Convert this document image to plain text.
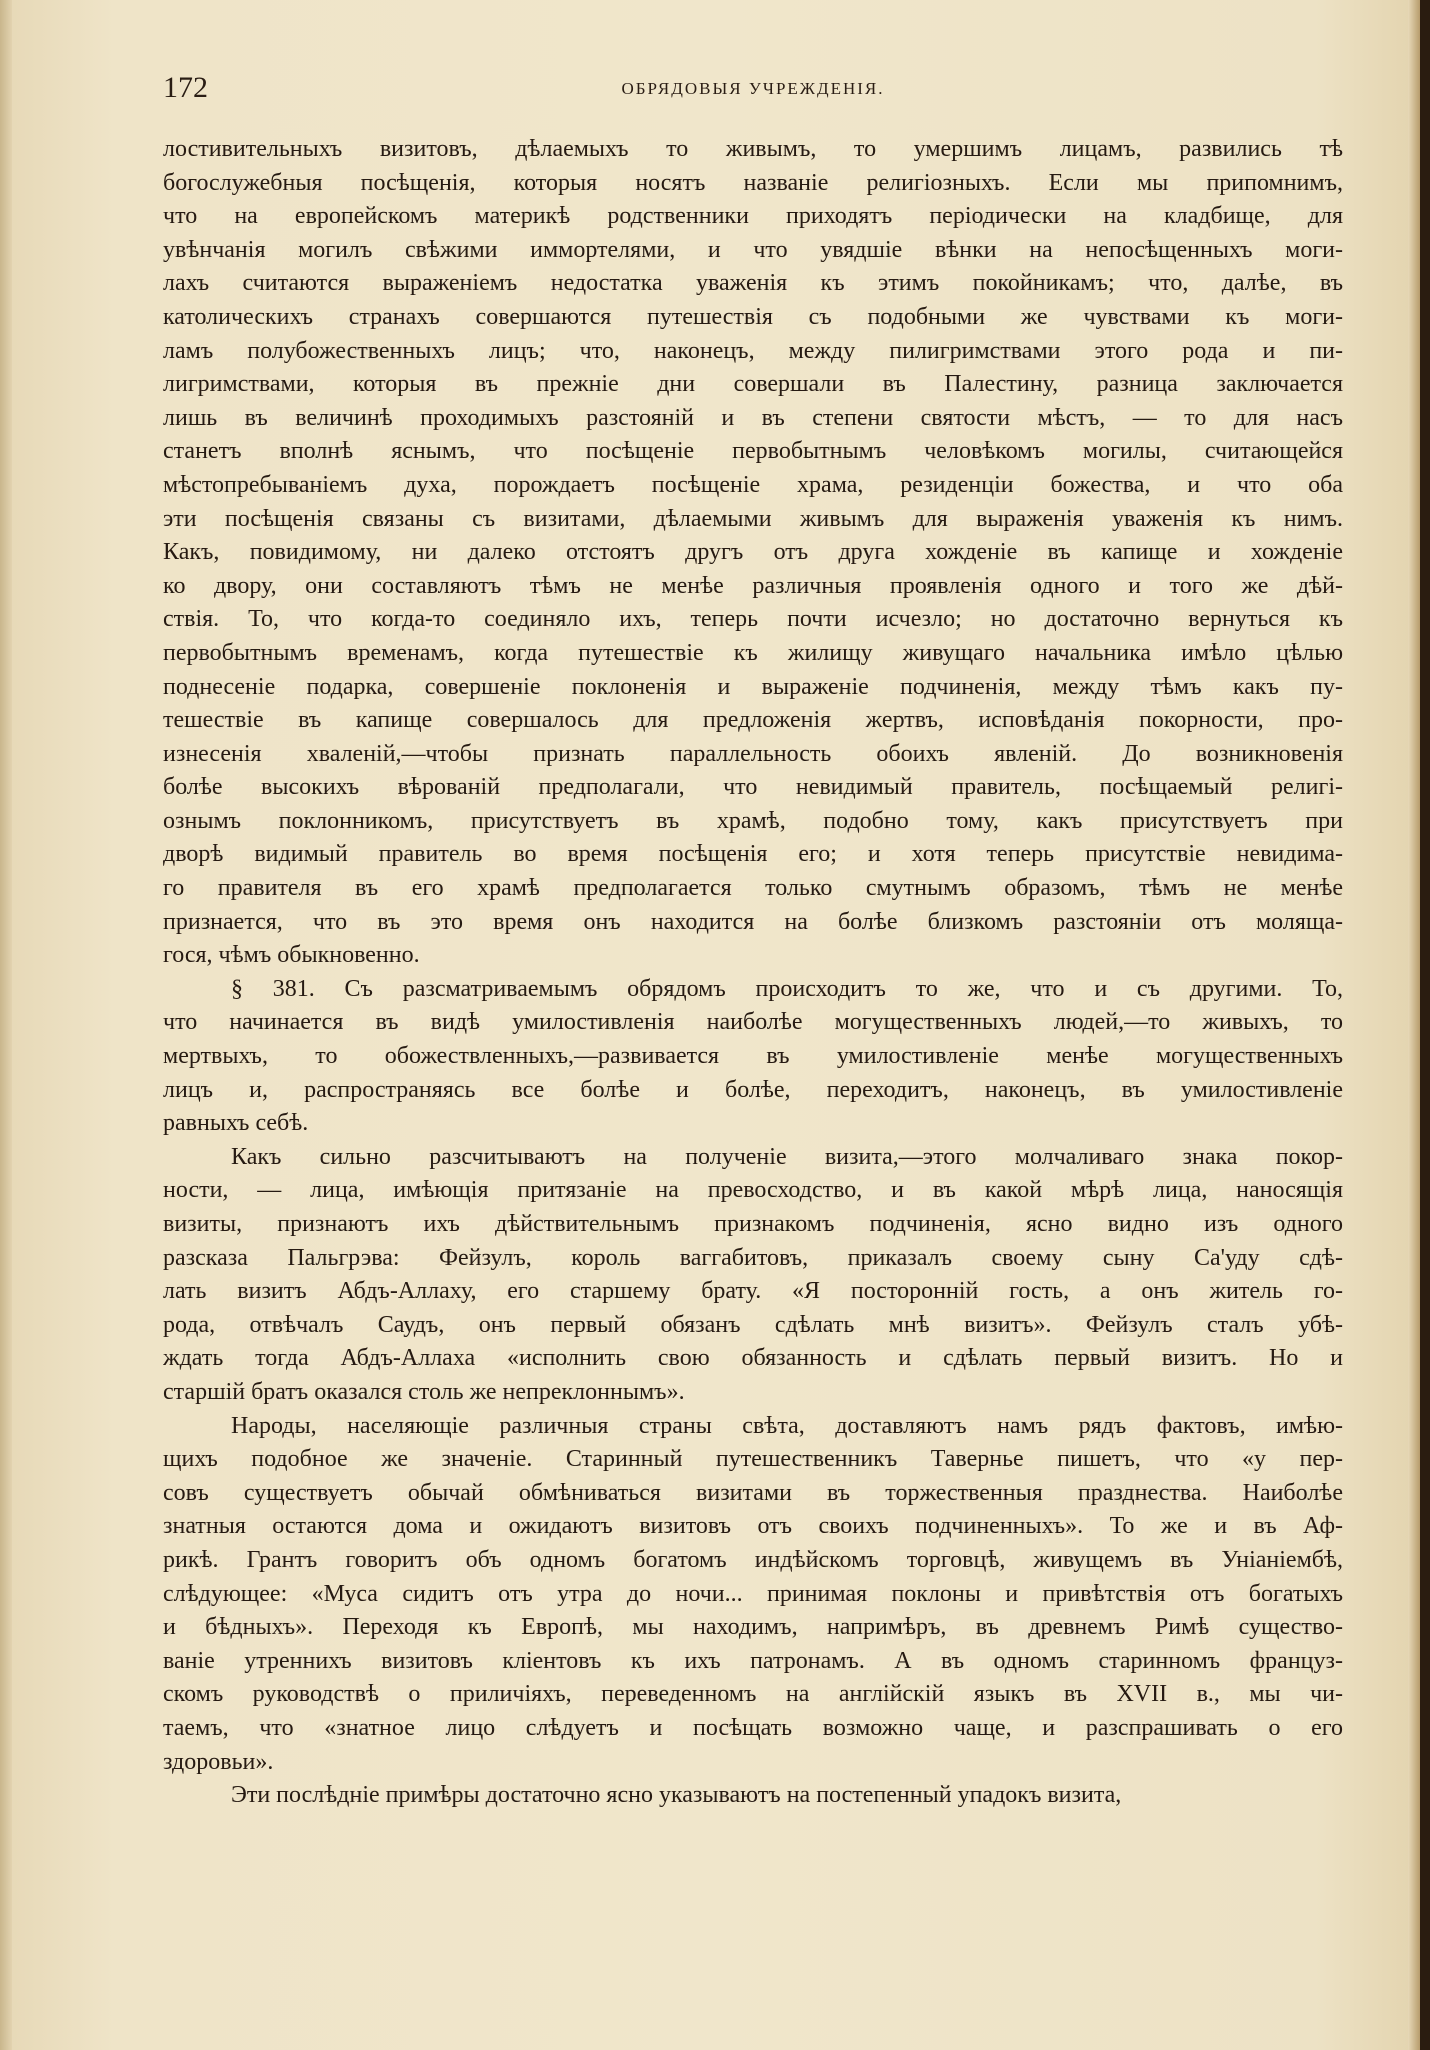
172	ОБРЯДОВЫЯ УЧРЕЖДЕНІЯ.
лостивительныхъ визитовъ, дѣлаемыхъ то живымъ, то умершимъ лицамъ, развились тѣ
богослужебныя посѣщенія, которыя носятъ названіе религіозныхъ. Если мы припомнимъ,
что на европейскомъ материкѣ родственники приходятъ періодически на кладбище, для
увѣнчанія могилъ свѣжими иммортелями, и что увядшіе вѣнки на непосѣщенныхъ моги-
лахъ считаются выраженіемъ недостатка уваженія къ этимъ покойникамъ; что, далѣе, въ
католическихъ странахъ совершаются путешествія съ подобными же чувствами къ моги-
ламъ полубожественныхъ лицъ; что, наконецъ, между пилигримствами этого рода и пи-
лигримствами, которыя въ прежніе дни совершали въ Палестину, разница заключается
лишь въ величинѣ проходимыхъ разстояній и въ степени святости мѣстъ, — то для насъ
станетъ вполнѣ яснымъ, что посѣщеніе первобытнымъ человѣкомъ могилы, считающейся
мѣстопребываніемъ духа, порождаетъ посѣщеніе храма, резиденціи божества, и что оба
эти посѣщенія связаны съ визитами, дѣлаемыми живымъ для выраженія уваженія къ нимъ.
Какъ, повидимому, ни далеко отстоятъ другъ отъ друга хожденіе въ капище и хожденіе
ко двору, они составляютъ тѣмъ не менѣе различныя проявленія одного и того же дѣй-
ствія. То, что когда-то соединяло ихъ, теперь почти исчезло; но достаточно вернуться къ
первобытнымъ временамъ, когда путешествіе къ жилищу живущаго начальника имѣло цѣлью
поднесеніе подарка, совершеніе поклоненія и выраженіе подчиненія, между тѣмъ какъ пу-
тешествіе въ капище совершалось для предложенія жертвъ, исповѣданія покорности, про-
изнесенія хваленій,—чтобы признать параллельность обоихъ явленій. До возникновенія
болѣе высокихъ вѣрованій предполагали, что невидимый правитель, посѣщаемый религі-
ознымъ поклонникомъ, присутствуетъ въ храмѣ, подобно тому, какъ присутствуетъ при
дворѣ видимый правитель во время посѣщенія его; и хотя теперь присутствіе невидима-
го правителя въ его храмѣ предполагается только смутнымъ образомъ, тѣмъ не менѣе
признается, что въ это время онъ находится на болѣе близкомъ разстояніи отъ моляща-
гося, чѣмъ обыкновенно.
§ 381. Съ разсматриваемымъ обрядомъ происходитъ то же, что и съ другими. То,
что начинается въ видѣ умилостивленія наиболѣе могущественныхъ людей,—то живыхъ, то
мертвыхъ, то обожествленныхъ,—развивается въ умилостивленіе менѣе могущественныхъ
лицъ и, распространяясь все болѣе и болѣе, переходитъ, наконецъ, въ умилостивленіе
равныхъ себѣ.
Какъ сильно разсчитываютъ на полученіе визита,—этого молчаливаго знака покор-
ности, — лица, имѣющія притязаніе на превосходство, и въ какой мѣрѣ лица, наносящія
визиты, признаютъ ихъ дѣйствительнымъ признакомъ подчиненія, ясно видно изъ одного
разсказа Пальгрэва: Фейзулъ, король ваггабитовъ, приказалъ своему сыну Са'уду сдѣ-
лать визитъ Абдъ-Аллаху, его старшему брату. «Я посторонній гость, а онъ житель го-
рода, отвѣчалъ Саудъ, онъ первый обязанъ сдѣлать мнѣ визитъ». Фейзулъ сталъ убѣ-
ждать тогда Абдъ-Аллаха «исполнить свою обязанность и сдѣлать первый визитъ. Но и
старшій братъ оказался столь же непреклоннымъ».
Народы, населяющіе различныя страны свѣта, доставляютъ намъ рядъ фактовъ, имѣю-
щихъ подобное же значеніе. Старинный путешественникъ Тавернье пишетъ, что «у пер-
совъ существуетъ обычай обмѣниваться визитами въ торжественныя празднества. Наиболѣе
знатныя остаются дома и ожидаютъ визитовъ отъ своихъ подчиненныхъ». То же и въ Аф-
рикѣ. Грантъ говоритъ объ одномъ богатомъ индѣйскомъ торговцѣ, живущемъ въ Уніаніембѣ,
слѣдующее: «Муса сидитъ отъ утра до ночи... принимая поклоны и привѣтствія отъ богатыхъ
и бѣдныхъ». Переходя къ Европѣ, мы находимъ, напримѣръ, въ древнемъ Римѣ существо-
ваніе утреннихъ визитовъ кліентовъ къ ихъ патронамъ. А въ одномъ старинномъ француз-
скомъ руководствѣ о приличіяхъ, переведенномъ на англійскій языкъ въ XVII в., мы чи-
таемъ, что «знатное лицо слѣдуетъ и посѣщать возможно чаще, и разспрашивать о его
здоровьи».
Эти послѣдніе примѣры достаточно ясно указываютъ на постепенный упадокъ визита,
